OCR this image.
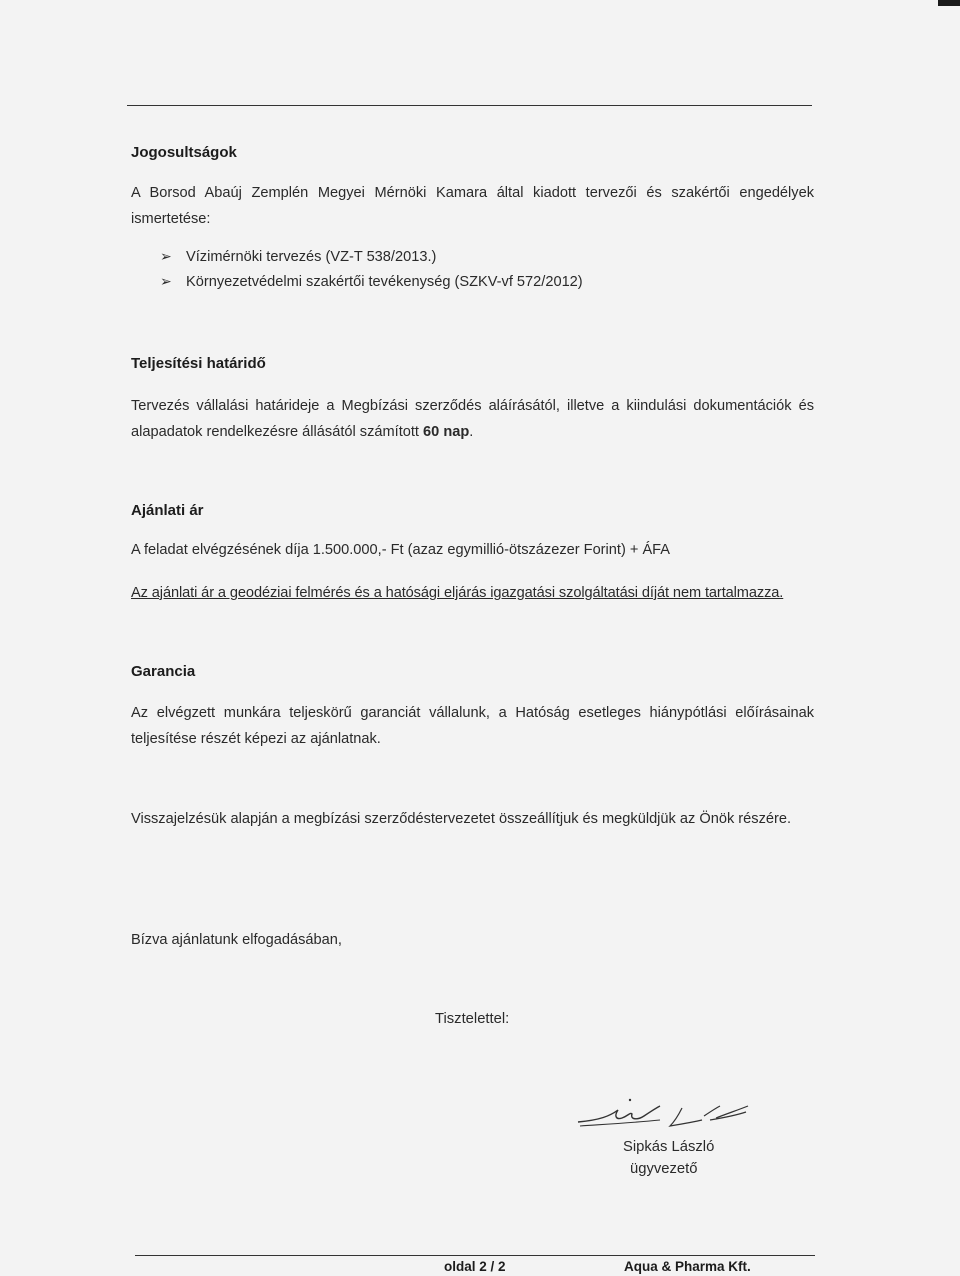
Jogosultságok
A Borsod Abaúj Zemplén Megyei Mérnöki Kamara által kiadott tervezői és szakértői engedélyek
ismertetése:
➢ Vízimérnöki tervezés (VZ-T 538/2013.)
➢ Környezetvédelmi szakértői tevékenység (SZKV-vf 572/2012)
Teljesítési határidő
Tervezés vállalási határideje a Megbízási szerződés aláírásától, illetve a kiindulási dokumentációk és
alapadatok rendelkezésre állásától számított 60 nap.
Ajánlati ár
A feladat elvégzésének díja 1.500.000,- Ft (azaz egymillió-ötszázezer Forint) + ÁFA
Az ajánlati ár a geodéziai felmérés és a hatósági eljárás igazgatási szolgáltatási díját nem tartalmazza.
Garancia
Az elvégzett munkára teljeskörű garanciát vállalunk, a Hatóság esetleges hiánypótlási előírásainak
teljesítése részét képezi az ajánlatnak.
Visszajelzésük alapján a megbízási szerződéstervezetet összeállítjuk és megküldjük az Önök részére.
Bízva ajánlatunk elfogadásában,
Tisztelettel:
Sipkás László
ügyvezető
oldal 2 / 2	Aqua & Pharma Kft.
